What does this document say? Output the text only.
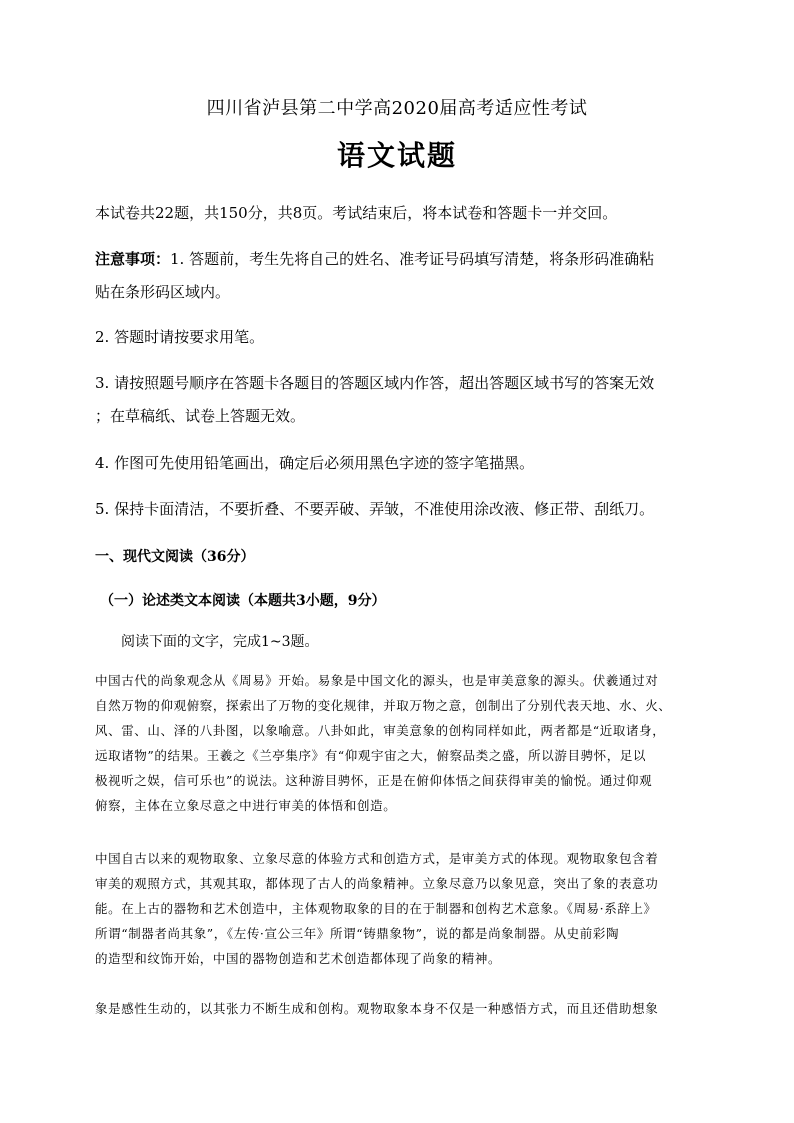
四川省泸县第二中学高2020届高考适应性考试
语文试题
本试卷共22题，共150分，共8页。考试结束后，将本试卷和答题卡一并交回。
注意事项：1. 答题前，考生先将自己的姓名、准考证号码填写清楚，将条形码准确粘
贴在条形码区域内。
2. 答题时请按要求用笔。
3. 请按照题号顺序在答题卡各题目的答题区域内作答，超出答题区域书写的答案无效
；在草稿纸、试卷上答题无效。
4. 作图可先使用铅笔画出，确定后必须用黑色字迹的签字笔描黑。
5. 保持卡面清洁，不要折叠、不要弄破、弄皱，不准使用涂改液、修正带、刮纸刀。
一、现代文阅读（36分）
（一）论述类文本阅读（本题共3小题，9分）
阅读下面的文字，完成1~3题。
中国古代的尚象观念从《周易》开始。易象是中国文化的源头，也是审美意象的源头。伏羲通过对
自然万物的仰观俯察，探索出了万物的变化规律，并取万物之意，创制出了分别代表天地、水、火、
风、雷、山、泽的八卦图，以象喻意。八卦如此，审美意象的创构同样如此，两者都是“近取诸身，
远取诸物”的结果。王羲之《兰亭集序》有“仰观宇宙之大，俯察品类之盛，所以游目骋怀，足以
极视听之娱，信可乐也”的说法。这种游目骋怀，正是在俯仰体悟之间获得审美的愉悦。通过仰观
俯察，主体在立象尽意之中进行审美的体悟和创造。
中国自古以来的观物取象、立象尽意的体验方式和创造方式，是审美方式的体现。观物取象包含着
审美的观照方式，其观其取，都体现了古人的尚象精神。立象尽意乃以象见意，突出了象的表意功
能。在上古的器物和艺术创造中，主体观物取象的目的在于制器和创构艺术意象。《周易·系辞上》
所谓“制器者尚其象”，《左传·宣公三年》所谓“铸鼎象物”，说的都是尚象制器。从史前彩陶
的造型和纹饰开始，中国的器物创造和艺术创造都体现了尚象的精神。
象是感性生动的，以其张力不断生成和创构。观物取象本身不仅是一种感悟方式，而且还借助想象
